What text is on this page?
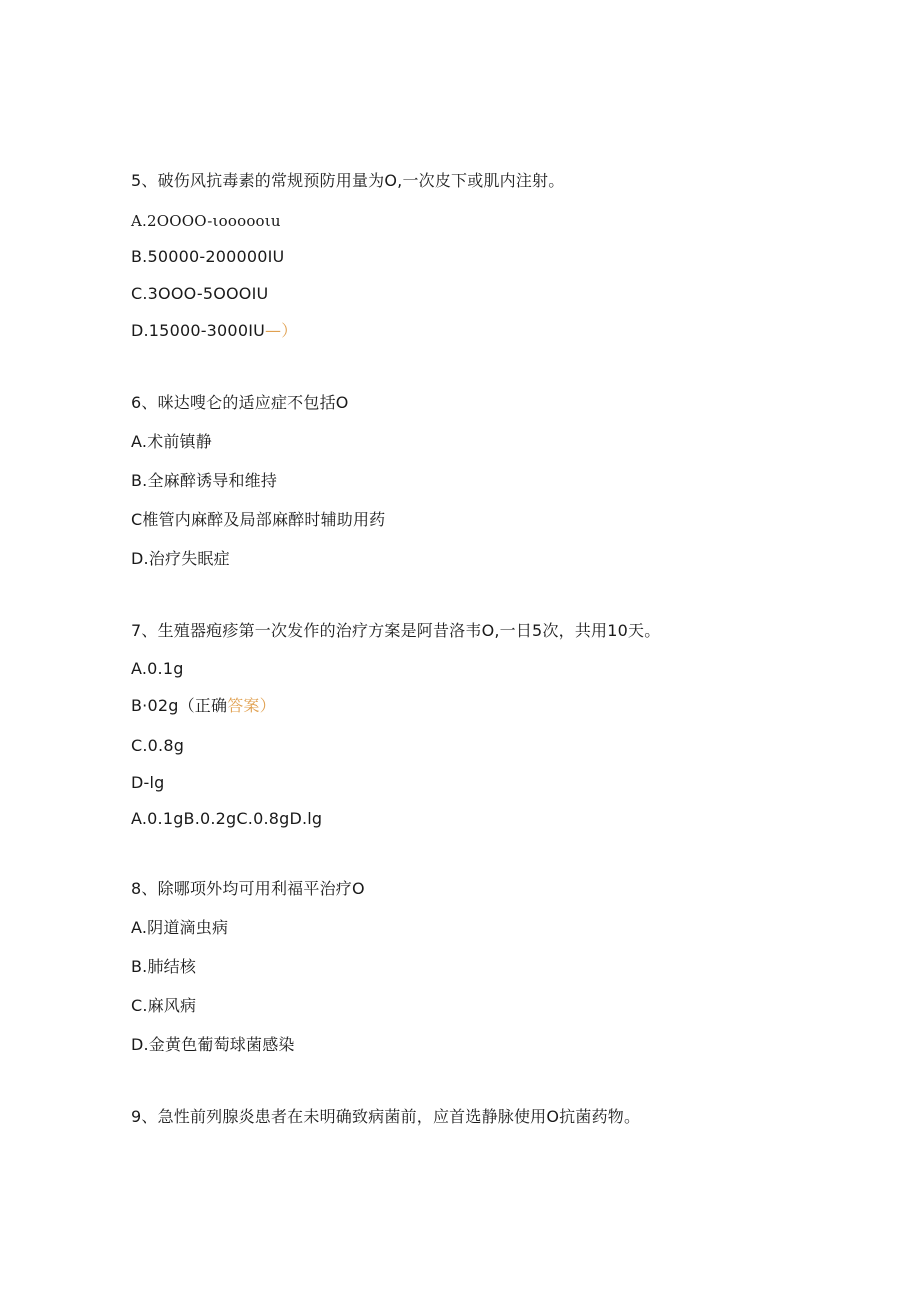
5、破伤风抗毒素的常规预防用量为O,一次皮下或肌内注射。
A.2OOOO-ιooooοιu
B.50000-200000IU
C.3OOO-5OOOIU
D.15000-3000IU—）
6、咪达嗖仑的适应症不包括O
A.术前镇静
B.全麻醉诱导和维持
C椎管内麻醉及局部麻醉时辅助用药
D.治疗失眠症
7、生殖器疱疹第一次发作的治疗方案是阿昔洛韦O,一日5次，共用10天。
A.0.1g
B·02g（正确答案）
C.0.8g
D-lg
A.0.1gB.0.2gC.0.8gD.lg
8、除哪项外均可用利福平治疗O
A.阴道滴虫病
B.肺结核
C.麻风病
D.金黄色葡萄球菌感染
9、急性前列腺炎患者在未明确致病菌前，应首选静脉使用O抗菌药物。
